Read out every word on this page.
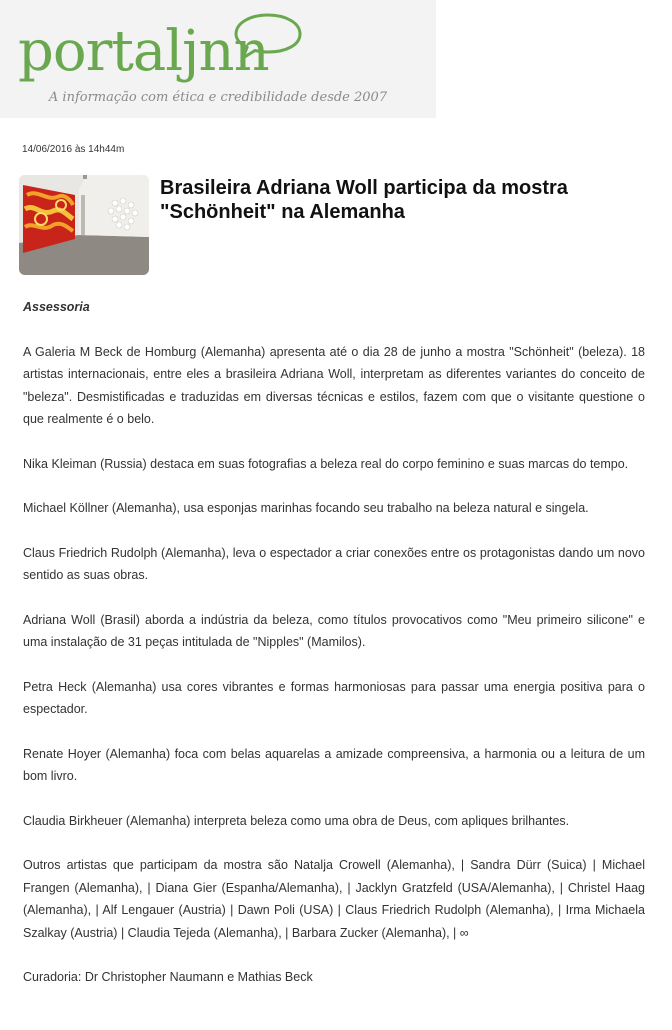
portaljnn
A informação com ética e credibilidade desde 2007
14/06/2016 às 14h44m
Brasileira Adriana Woll participa da mostra "Schönheit" na Alemanha
Assessoria

A Galeria M Beck de Homburg (Alemanha) apresenta até o dia 28 de junho a mostra "Schönheit" (beleza). 18 artistas internacionais, entre eles a brasileira Adriana Woll, interpretam as diferentes variantes do conceito de "beleza". Desmistificadas e traduzidas em diversas técnicas e estilos, fazem com que o visitante questione o que realmente é o belo.

Nika Kleiman (Russia) destaca em suas fotografias a beleza real do corpo feminino e suas marcas do tempo.

Michael Köllner (Alemanha), usa esponjas marinhas focando seu trabalho na beleza natural e singela.

Claus Friedrich Rudolph (Alemanha), leva o espectador a criar conexões entre os protagonistas dando um novo sentido as suas obras.

Adriana Woll (Brasil) aborda a indústria da beleza, como títulos provocativos como "Meu primeiro silicone" e uma instalação de 31 peças intitulada de "Nipples" (Mamilos).

Petra Heck (Alemanha) usa cores vibrantes e formas harmoniosas para passar uma energia positiva para o espectador.

Renate Hoyer (Alemanha) foca com belas aquarelas a amizade compreensiva, a harmonia ou a leitura de um bom livro.

Claudia Birkheuer (Alemanha) interpreta beleza como uma obra de Deus, com apliques brilhantes.

Outros artistas que participam da mostra são Natalja Crowell (Alemanha), | Sandra Dürr (Suica) | Michael Frangen (Alemanha), | Diana Gier (Espanha/Alemanha), | Jacklyn Gratzfeld (USA/Alemanha), | Christel Haag (Alemanha), | Alf Lengauer (Austria) | Dawn Poli (USA) | Claus Friedrich Rudolph (Alemanha), | Irma Michaela Szalkay (Austria) | Claudia Tejeda (Alemanha), | Barbara Zucker (Alemanha), | ∞

Curadoria: Dr Christopher Naumann e Mathias Beck
